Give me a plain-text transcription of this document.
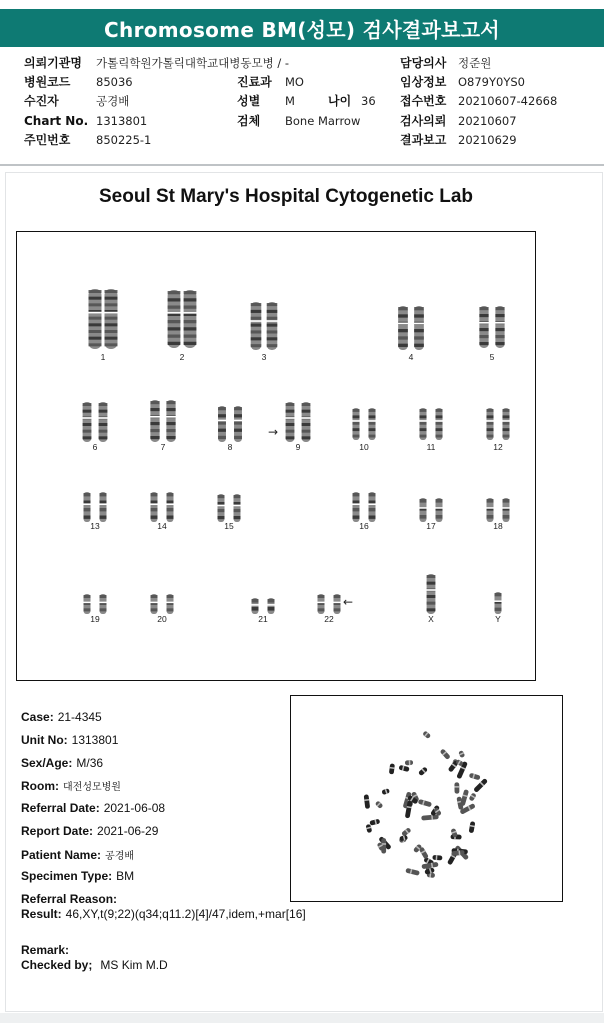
Chromosome BM(성모) 검사결과보고서
의뢰기관명 가톨릭학원가톨릭대학교대병동모병 / -	담당의사 정준원
병원코드 85036	진료과 MO	임상정보 O879Y0YS0
수진자	공경배	성별 M	나이 36 접수번호 20210607-42668
Chart No. 1313801	검체 Bone Marrow	검사의뢰 20210607
주민번호 850225-1	결과보고 20210629
Seoul St Mary's Hospital Cytogenetic Lab
→
←
1	2	3	4	5
6	7	8	9	10	11	12
13	14	15	16	17	18
19	20	21	22	X	Y
Case: 21-4345
Unit No: 1313801
Sex/Age: M/36
Room: 대전성모병원
Referral Date: 2021-06-08
Report Date: 2021-06-29
Patient Name: 공경배
Specimen Type: BM
Referral Reason:
Result: 46,XY,t(9;22)(q34;q11.2)[4]/47,idem,+mar[16]
Remark:
Checked by; MS Kim M.D
